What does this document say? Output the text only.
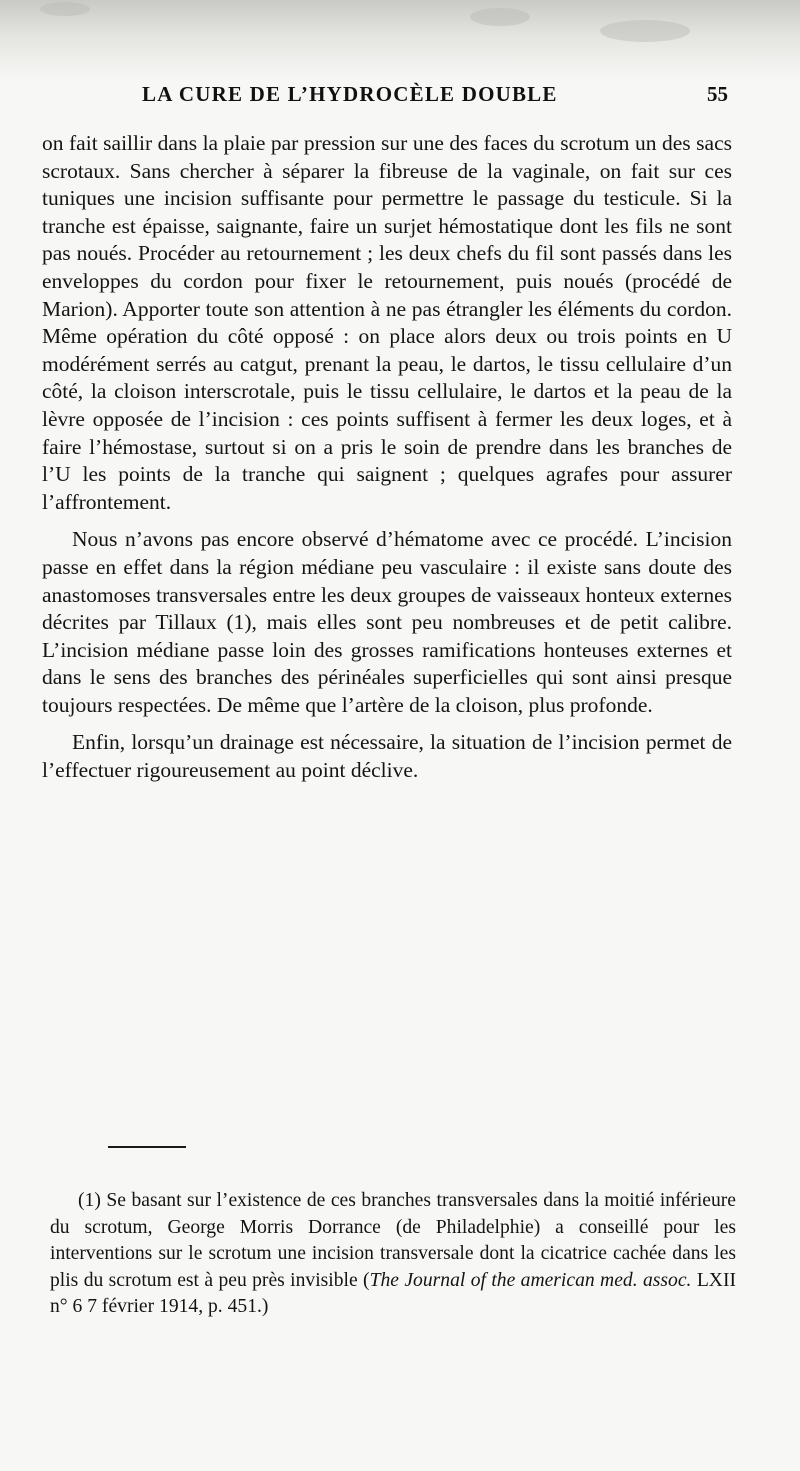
LA CURE DE L’HYDROCÈLE DOUBLE	55

on fait saillir dans la plaie par pression sur une des faces du scrotum un des sacs scrotaux. Sans chercher à séparer la fibreuse de la vaginale, on fait sur ces tuniques une incision suffisante pour permettre le passage du testicule. Si la tranche est épaisse, saignante, faire un surjet hémostatique dont les fils ne sont pas noués. Procéder au retournement ; les deux chefs du fil sont passés dans les enveloppes du cordon pour fixer le retournement, puis noués (procédé de Marion). Apporter toute son attention à ne pas étrangler les éléments du cordon. Même opération du côté opposé : on place alors deux ou trois points en U modérément serrés au catgut, prenant la peau, le dartos, le tissu cellulaire d’un côté, la cloison interscrotale, puis le tissu cellulaire, le dartos et la peau de la lèvre opposée de l’incision : ces points suffisent à fermer les deux loges, et à faire l’hémostase, surtout si on a pris le soin de prendre dans les branches de l’U les points de la tranche qui saignent ; quelques agrafes pour assurer l’affrontement.

Nous n’avons pas encore observé d’hématome avec ce procédé. L’incision passe en effet dans la région médiane peu vasculaire : il existe sans doute des anastomoses transversales entre les deux groupes de vaisseaux honteux externes décrites par Tillaux (1), mais elles sont peu nombreuses et de petit calibre. L’incision médiane passe loin des grosses ramifications honteuses externes et dans le sens des branches des périnéales superficielles qui sont ainsi presque toujours respectées. De même que l’artère de la cloison, plus profonde.

Enfin, lorsqu’un drainage est nécessaire, la situation de l’incision permet de l’effectuer rigoureusement au point déclive.

(1) Se basant sur l’existence de ces branches transversales dans la moitié inférieure du scrotum, George Morris Dorrance (de Philadelphie) a conseillé pour les interventions sur le scrotum une incision transversale dont la cicatrice cachée dans les plis du scrotum est à peu près invisible (The Journal of the american med. assoc. LXII n° 6 7 février 1914, p. 451.)
